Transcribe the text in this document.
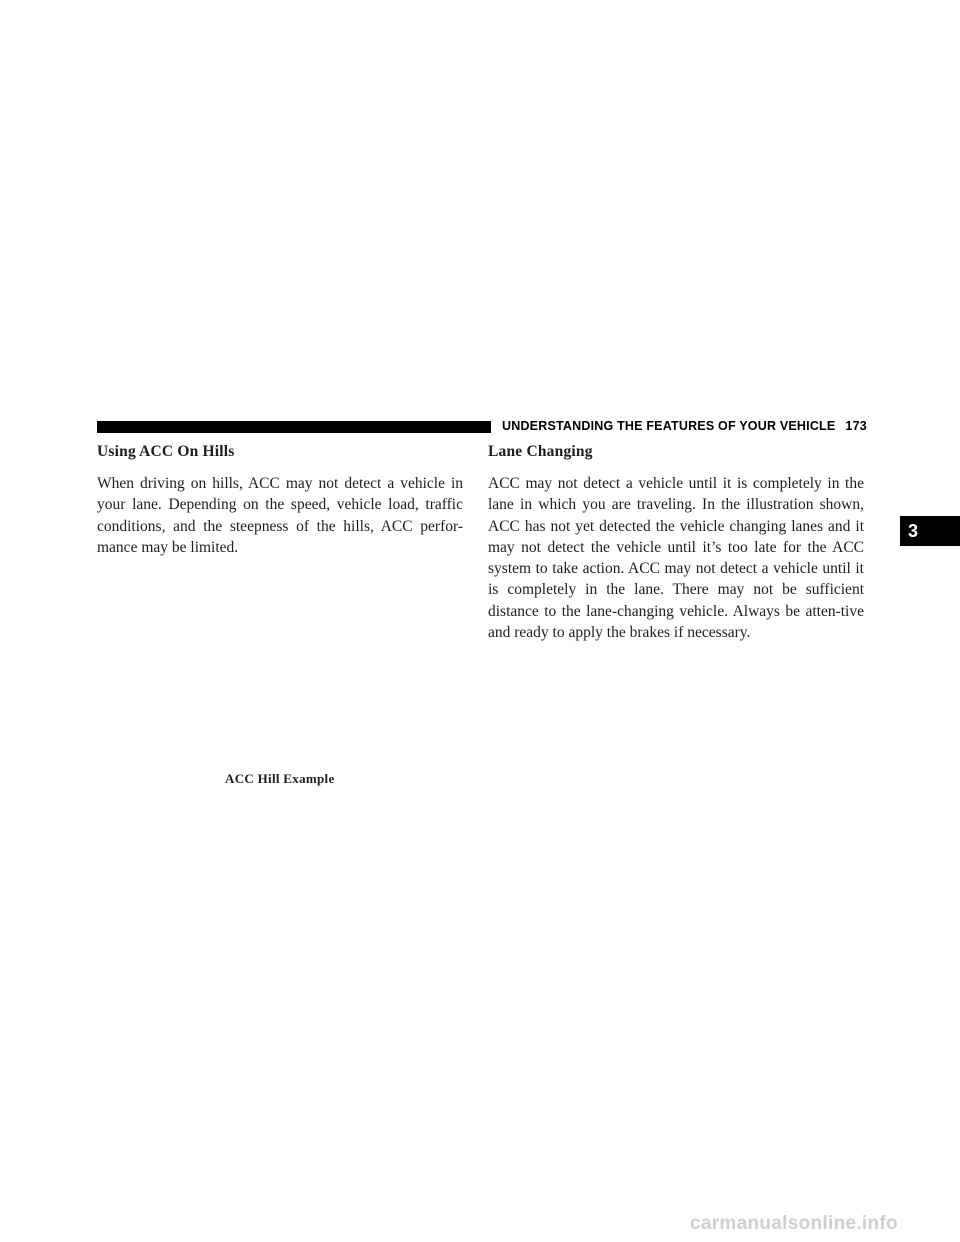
UNDERSTANDING THE FEATURES OF YOUR VEHICLE 173
3
Using ACC On Hills

When driving on hills, ACC may not detect a vehicle in your lane. Depending on the speed, vehicle load, traffic conditions, and the steepness of the hills, ACC perfor-mance may be limited.

ACC Hill Example
Lane Changing

ACC may not detect a vehicle until it is completely in the lane in which you are traveling. In the illustration shown, ACC has not yet detected the vehicle changing lanes and it may not detect the vehicle until it’s too late for the ACC system to take action. ACC may not detect a vehicle until it is completely in the lane. There may not be sufficient distance to the lane-changing vehicle. Always be atten-tive and ready to apply the brakes if necessary.

carmanualsonline.info
